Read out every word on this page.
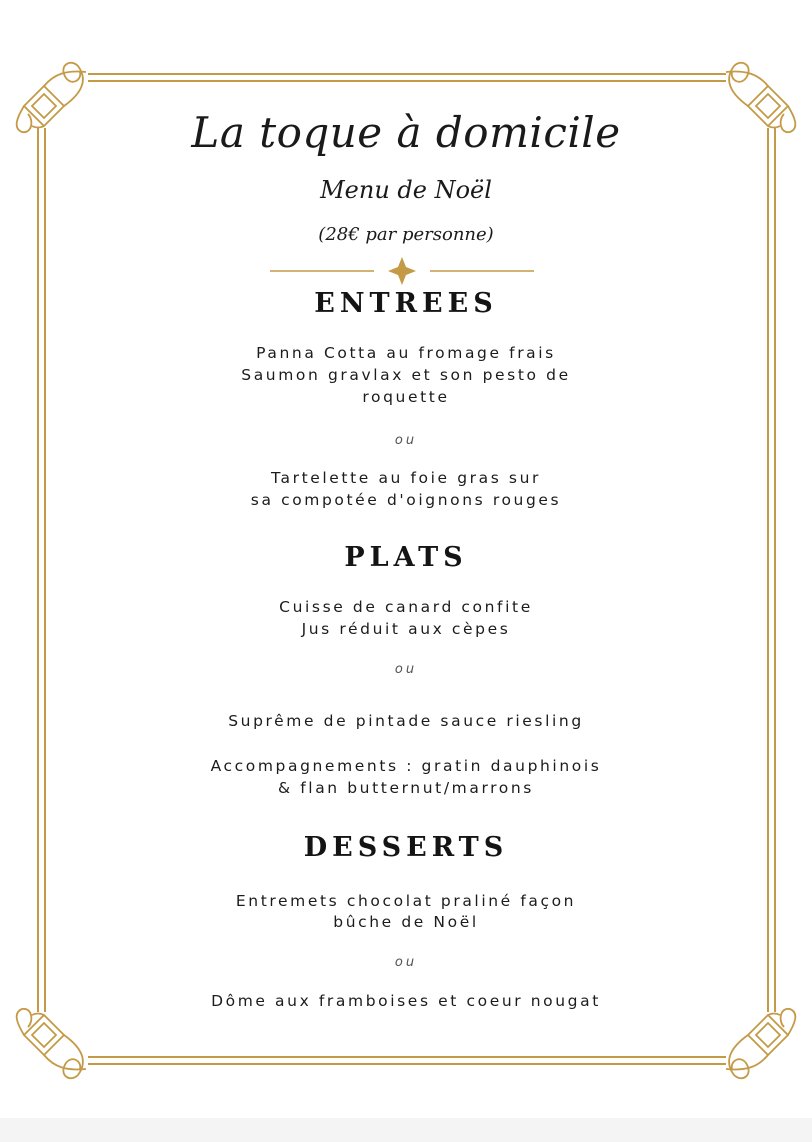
La toque à domicile
Menu de Noël
(28€ par personne)
ENTREES
Panna Cotta au fromage frais
Saumon gravlax et son pesto de
roquette
ou
Tartelette au foie gras sur
sa compotée d'oignons rouges
PLATS
Cuisse de canard confite
Jus réduit aux cèpes
ou
Suprême de pintade sauce riesling
Accompagnements : gratin dauphinois
& flan butternut/marrons
DESSERTS
Entremets chocolat praliné façon
bûche de Noël
ou
Dôme aux framboises et coeur nougat
